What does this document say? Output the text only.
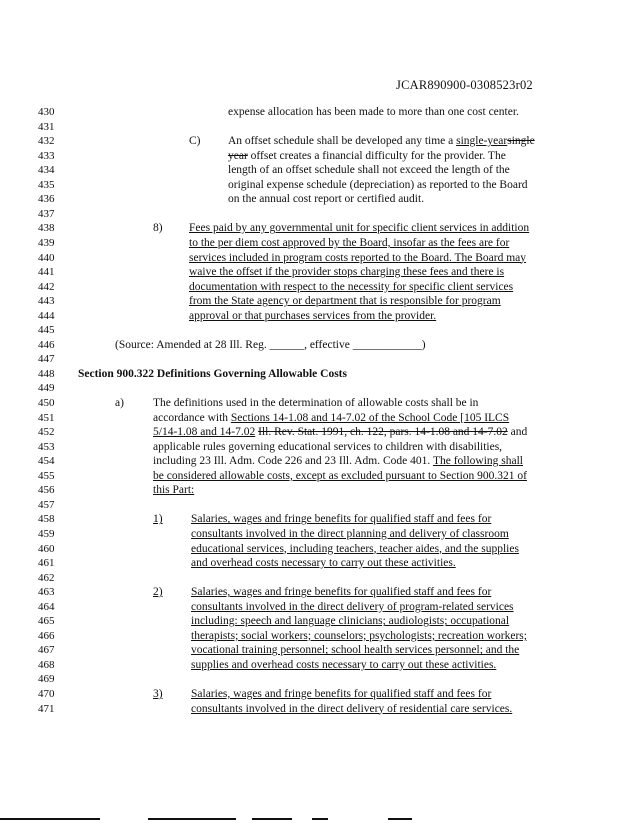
JCAR890900-0308523r02
430	expense allocation has been made to more than one cost center.
431
432	C) An offset schedule shall be developed any time a single-yearsingle
433	year offset creates a financial difficulty for the provider. The
434	length of an offset schedule shall not exceed the length of the
435	original expense schedule (depreciation) as reported to the Board
436	on the annual cost report or certified audit.
437
438	8) Fees paid by any governmental unit for specific client services in addition
439	to the per diem cost approved by the Board, insofar as the fees are for
440	services included in program costs reported to the Board. The Board may
441	waive the offset if the provider stops charging these fees and there is
442	documentation with respect to the necessity for specific client services
443	from the State agency or department that is responsible for program
444	approval or that purchases services from the provider.
445
446	(Source: Amended at 28 Ill. Reg. ______, effective ____________)
447
448	Section 900.322 Definitions Governing Allowable Costs
449
450	a)	The definitions used in the determination of allowable costs shall be in
451	accordance with Sections 14-1.08 and 14-7.02 of the School Code [105 ILCS
452	5/14-1.08 and 14-7.02 Ill. Rev. Stat. 1991, ch. 122, pars. 14-1.08 and 14-7.02 and
453	applicable rules governing educational services to children with disabilities,
454	including 23 Ill. Adm. Code 226 and 23 Ill. Adm. Code 401. The following shall
455	be considered allowable costs, except as excluded pursuant to Section 900.321 of
456	this Part:
457
458	1) Salaries, wages and fringe benefits for qualified staff and fees for
459	consultants involved in the direct planning and delivery of classroom
460	educational services, including teachers, teacher aides, and the supplies
461	and overhead costs necessary to carry out these activities.
462
463	2) Salaries, wages and fringe benefits for qualified staff and fees for
464	consultants involved in the direct delivery of program-related services
465	including: speech and language clinicians; audiologists; occupational
466	therapists; social workers; counselors; psychologists; recreation workers;
467	vocational training personnel; school health services personnel; and the
468	supplies and overhead costs necessary to carry out these activities.
469
470	3) Salaries, wages and fringe benefits for qualified staff and fees for
471	consultants involved in the direct delivery of residential care services.
